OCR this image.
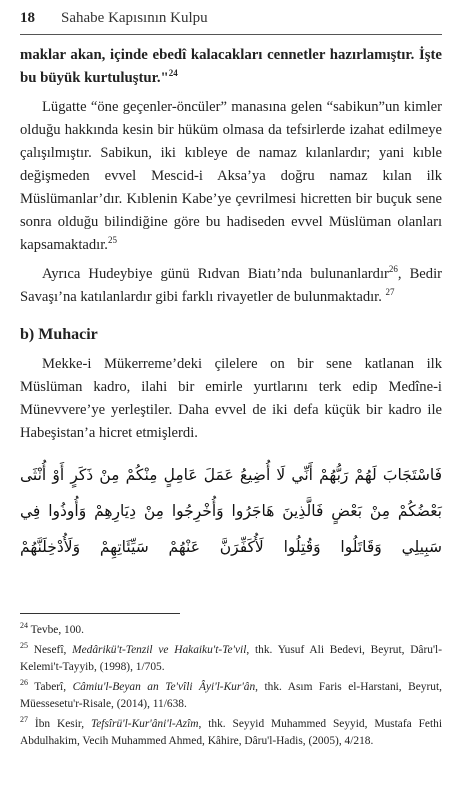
18 Sahabe Kapısının Kulpu

maklar akan, içinde ebedî kalacakları cennetler hazırlamıştır. İşte bu büyük kurtuluştur."$^{24}$

Lügatte “öne geçenler-öncüler” manasına gelen “sabikun”un kimler olduğu hakkında kesin bir hüküm olmasa da tefsirlerde izahat edilmeye çalışılmıştır. Sabikun, iki kıbleye de namaz kılanlardır; yani kıble değişmeden evvel Mescid-i Aksa’ya doğru namaz kılan ilk Müslümanlar’dır. Kıblenin Kabe’ye çevrilmesi hicretten bir buçuk sene sonra olduğu bilindiğine göre bu hadiseden evvel Müslüman olanları kapsamaktadır.$^{25}$

Ayrıca Hudeybiye günü Rıdvan Biatı’nda bulunanlardır$^{26}$, Bedir Savaşı’na katılanlardır gibi farklı rivayetler de bulunmaktadır. $^{27}$

b) Muhacir

Mekke-i Mükerreme’deki çilelere on bir sene katlanan ilk Müslüman kadro, ilahi bir emirle yurtlarını terk edip Medîne-i Münevvere’ye yerleştiler. Daha evvel de iki defa küçük bir kadro ile Habeşistan’a hicret etmişlerdi.

فَاسْتَجَابَ لَهُمْ رَبُّهُمْ أَنِّي لَا أُضِيعُ عَمَلَ عَامِلٍ مِنْكُمْ مِنْ ذَكَرٍ أَوْ أُنْثَى بَعْضُكُمْ مِنْ بَعْضٍ فَالَّذِينَ هَاجَرُوا وَأُخْرِجُوا مِنْ دِيَارِهِمْ وَأُوذُوا فِي سَبِيلِي وَقَاتَلُوا وَقُتِلُوا لَأُكَفِّرَنَّ عَنْهُمْ سَيِّئَاتِهِمْ وَلَأُدْخِلَنَّهُمْ

$^{24}$ Tevbe, 100.

$^{25}$ Nesefî, Medârikü't-Tenzil ve Hakaiku't-Te'vil, thk. Yusuf Ali Bedevi, Beyrut, Dâru'l-Kelemi't-Tayyib, (1998), 1/705.

$^{26}$ Taberî, Câmiu'l-Beyan an Te'vîli Âyi'l-Kur'ân, thk. Asım Faris el-Harstani, Beyrut, Müessesetu'r-Risale, (2014), 11/638.

$^{27}$ İbn Kesir, Tefsîrü'l-Kur'âni'l-Azîm, thk. Seyyid Muhammed Seyyid, Mustafa Fethi Abdulhakim, Vecih Muhammed Ahmed, Kâhire, Dâru'l-Hadis, (2005), 4/218.
